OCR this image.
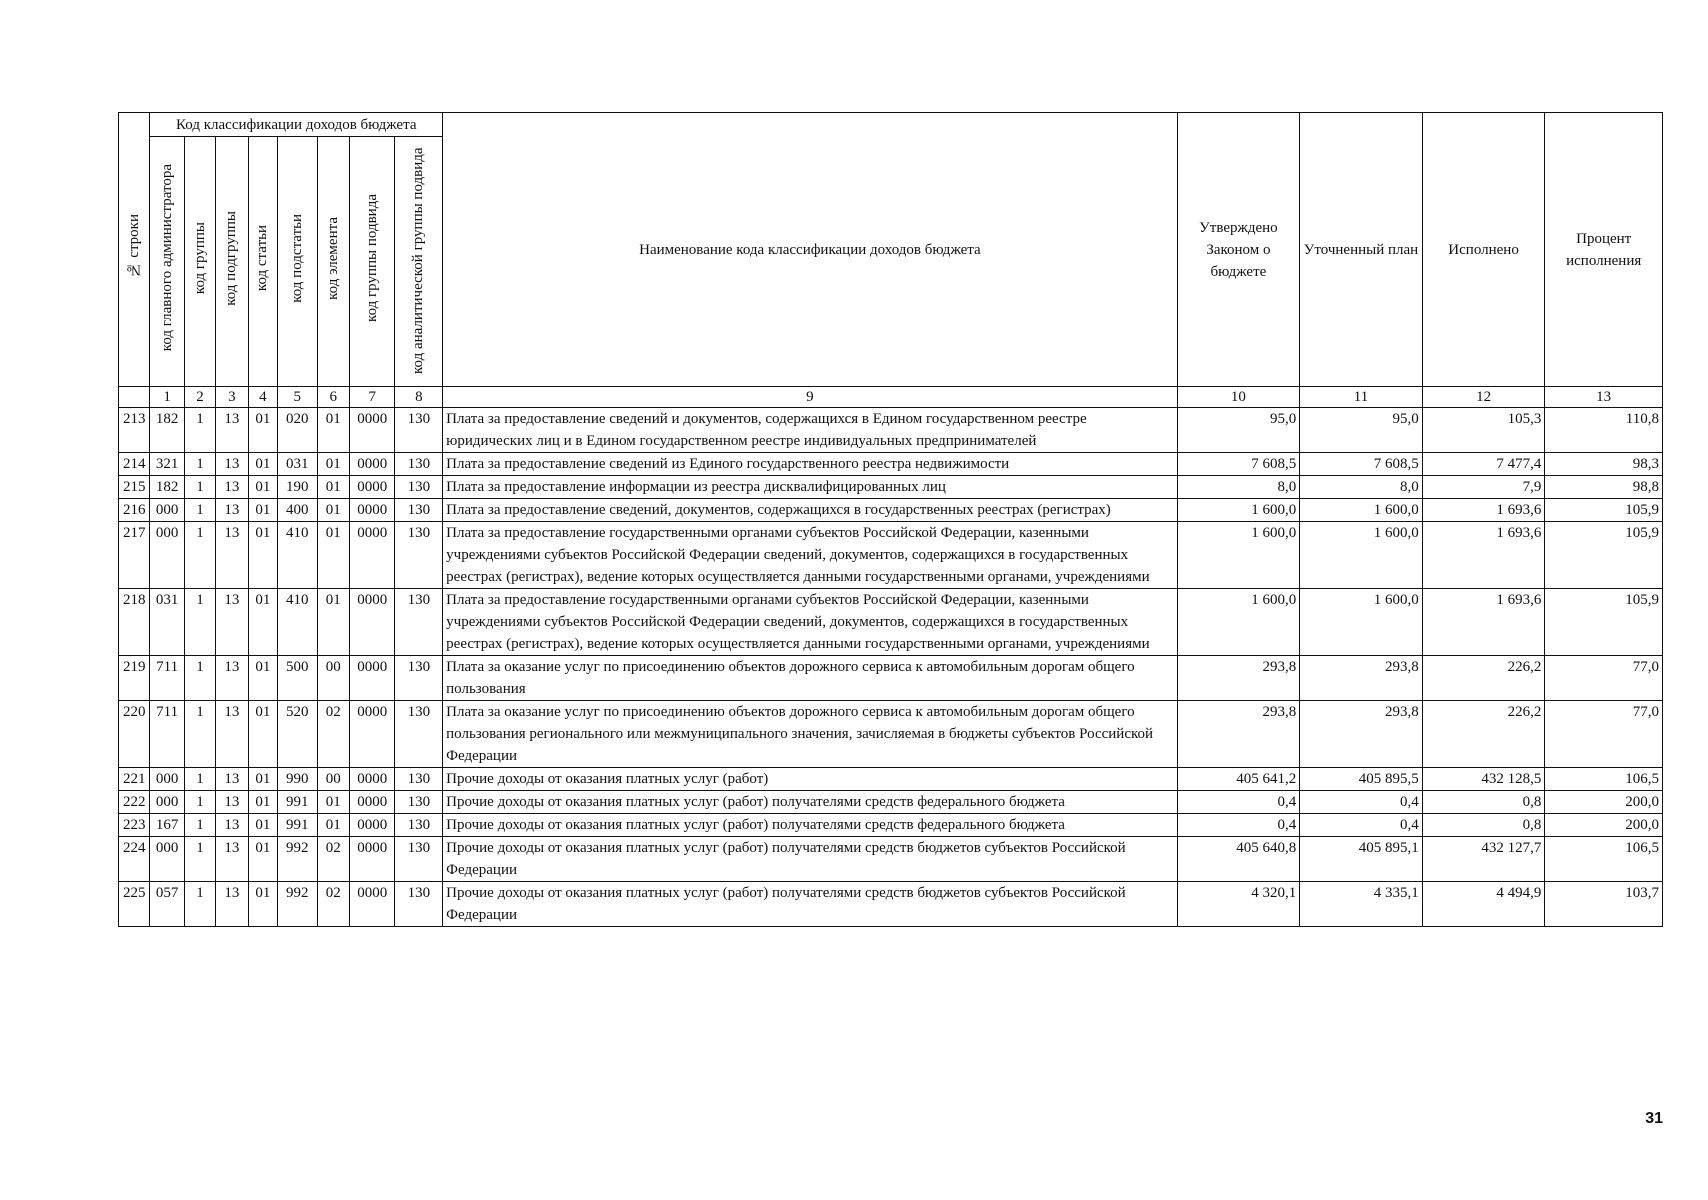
№ строки	Код классификации доходов бюджета								Наименование кода классификации доходов бюджета	Утверждено Законом о бюджете	Уточненный план	Исполнено	Процент исполнения
	код главного администратора	код группы	код подгруппы	код статьи	код подстатьи	код элемента	код группы подвида	код аналитической группы подвида					
	1	2	3	4	5	6	7	8	9	10	11	12	13
213	182	1	13	01	020	01	0000	130	Плата за предоставление сведений и документов, содержащихся в Едином государственном реестре юридических лиц и в Едином государственном реестре индивидуальных предпринимателей	95,0	95,0	105,3	110,8
214	321	1	13	01	031	01	0000	130	Плата за предоставление сведений из Единого государственного реестра недвижимости	7 608,5	7 608,5	7 477,4	98,3
215	182	1	13	01	190	01	0000	130	Плата за предоставление информации из реестра дисквалифицированных лиц	8,0	8,0	7,9	98,8
216	000	1	13	01	400	01	0000	130	Плата за предоставление сведений, документов, содержащихся в государственных реестрах (регистрах)	1 600,0	1 600,0	1 693,6	105,9
217	000	1	13	01	410	01	0000	130	Плата за предоставление государственными органами субъектов Российской Федерации, казенными учреждениями субъектов Российской Федерации сведений, документов, содержащихся в государственных реестрах (регистрах), ведение которых осуществляется данными государственными органами, учреждениями	1 600,0	1 600,0	1 693,6	105,9
218	031	1	13	01	410	01	0000	130	Плата за предоставление государственными органами субъектов Российской Федерации, казенными учреждениями субъектов Российской Федерации сведений, документов, содержащихся в государственных реестрах (регистрах), ведение которых осуществляется данными государственными органами, учреждениями	1 600,0	1 600,0	1 693,6	105,9
219	711	1	13	01	500	00	0000	130	Плата за оказание услуг по присоединению объектов дорожного сервиса к автомобильным дорогам общего пользования	293,8	293,8	226,2	77,0
220	711	1	13	01	520	02	0000	130	Плата за оказание услуг по присоединению объектов дорожного сервиса к автомобильным дорогам общего пользования регионального или межмуниципального значения, зачисляемая в бюджеты субъектов Российской Федерации	293,8	293,8	226,2	77,0
221	000	1	13	01	990	00	0000	130	Прочие доходы от оказания платных услуг (работ)	405 641,2	405 895,5	432 128,5	106,5
222	000	1	13	01	991	01	0000	130	Прочие доходы от оказания платных услуг (работ) получателями средств федерального бюджета	0,4	0,4	0,8	200,0
223	167	1	13	01	991	01	0000	130	Прочие доходы от оказания платных услуг (работ) получателями средств федерального бюджета	0,4	0,4	0,8	200,0
224	000	1	13	01	992	02	0000	130	Прочие доходы от оказания платных услуг (работ) получателями средств бюджетов субъектов Российской Федерации	405 640,8	405 895,1	432 127,7	106,5
225	057	1	13	01	992	02	0000	130	Прочие доходы от оказания платных услуг (работ) получателями средств бюджетов субъектов Российской Федерации	4 320,1	4 335,1	4 494,9	103,7
31
